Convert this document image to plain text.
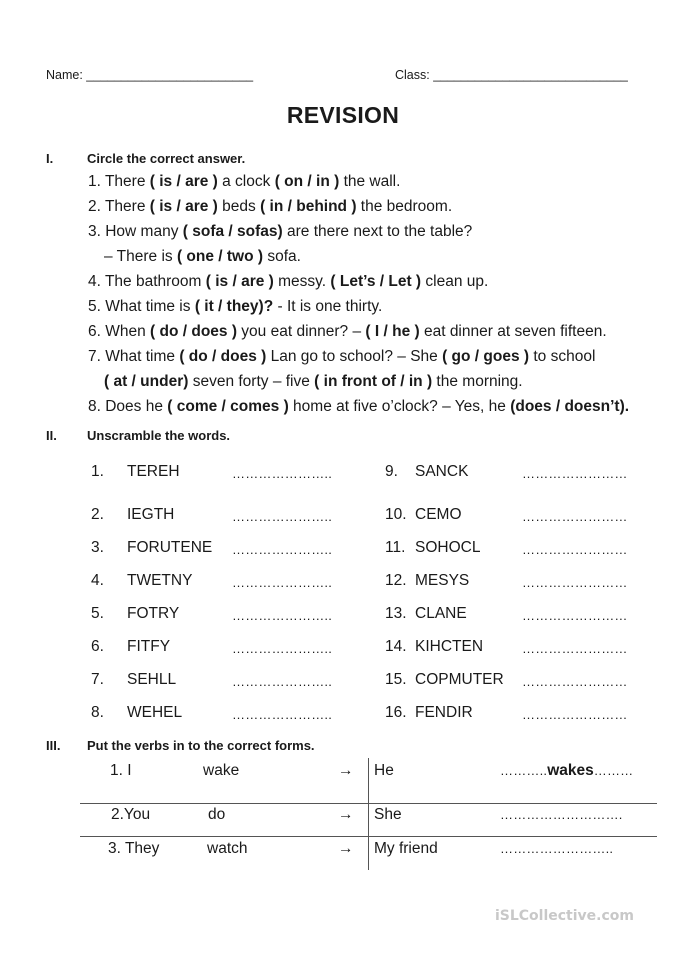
Name: ________________________	Class: ____________________________
REVISION
I.	Circle the correct answer.
1. There ( is / are ) a clock ( on / in ) the wall.
2. There ( is / are ) beds ( in / behind ) the bedroom.
3. How many ( sofa / sofas) are there next to the table?
– There is ( one / two ) sofa.
4. The bathroom ( is / are ) messy. ( Let’s / Let ) clean up.
5. What time is ( it / they)? - It is one thirty.
6. When ( do / does ) you eat dinner? – ( I / he ) eat dinner at seven fifteen.
7. What time ( do / does ) Lan go to school? – She ( go / goes ) to school
( at / under) seven forty – five ( in front of / in ) the morning.
8. Does he ( come / comes ) home at five o’clock? – Yes, he (does / doesn’t).
II. Unscramble the words.
1. TEREH	…………………..	9. SANCK	……………………
2. IEGTH	…………………..	10. CEMO	……………………
3. FORUTENE …………………..	11. SOHOCL	……………………
4. TWETNY	…………………..	12. MESYS	……………………
5. FOTRY	…………………..	13. CLANE	……………………
6. FITFY	…………………..	14. KIHCTEN	……………………
7. SEHLL	…………………..	15. COPMUTER ……………………
8. WEHEL	…………………..	16. FENDIR	……………………
III. Put the verbs in to the correct forms.
1. I	wake	→ He	………..wakes………
2.You	do	→ She	……………………….
3. They	watch	→ My friend	……………………..
iSLCollective.com
